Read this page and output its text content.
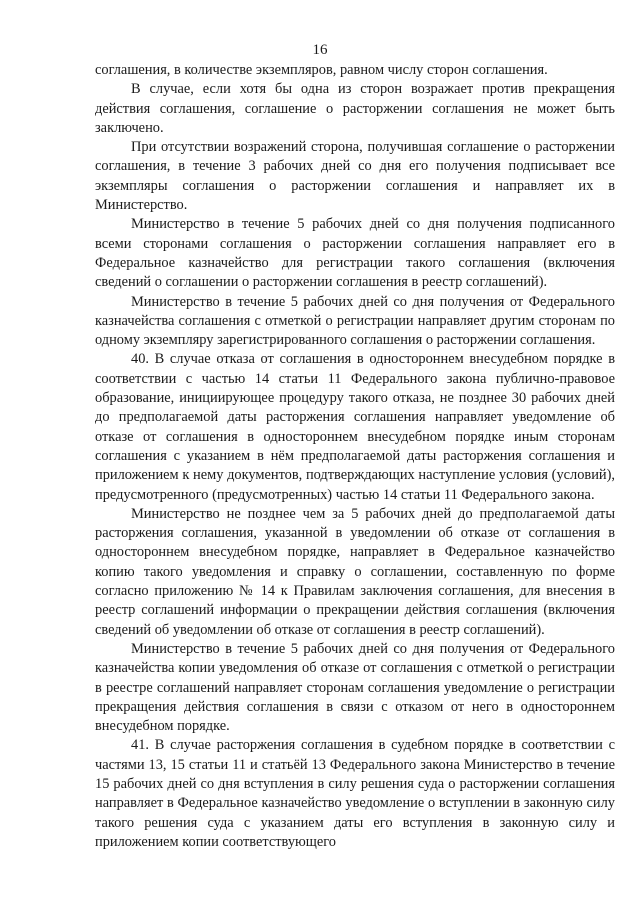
16

соглашения, в количестве экземпляров, равном числу сторон соглашения.

В случае, если хотя бы одна из сторон возражает против прекращения действия соглашения, соглашение о расторжении соглашения не может быть заключено.

При отсутствии возражений сторона, получившая соглашение о расторжении соглашения, в течение 3 рабочих дней со дня его получения подписывает все экземпляры соглашения о расторжении соглашения и направляет их в Министерство.

Министерство в течение 5 рабочих дней со дня получения подписанного всеми сторонами соглашения о расторжении соглашения направляет его в Федеральное казначейство для регистрации такого соглашения (включения сведений о соглашении о расторжении соглашения в реестр соглашений).

Министерство в течение 5 рабочих дней со дня получения от Федерального казначейства соглашения с отметкой о регистрации направляет другим сторонам по одному экземпляру зарегистрированного соглашения о расторжении соглашения.

40. В случае отказа от соглашения в одностороннем внесудебном порядке в соответствии с частью 14 статьи 11 Федерального закона публично-правовое образование, инициирующее процедуру такого отказа, не позднее 30 рабочих дней до предполагаемой даты расторжения соглашения направляет уведомление об отказе от соглашения в одностороннем внесудебном порядке иным сторонам соглашения с указанием в нём предполагаемой даты расторжения соглашения и приложением к нему документов, подтверждающих наступление условия (условий), предусмотренного (предусмотренных) частью 14 статьи 11 Федерального закона.

Министерство не позднее чем за 5 рабочих дней до предполагаемой даты расторжения соглашения, указанной в уведомлении об отказе от соглашения в одностороннем внесудебном порядке, направляет в Федеральное казначейство копию такого уведомления и справку о соглашении, составленную по форме согласно приложению № 14 к Правилам заключения соглашения, для внесения в реестр соглашений информации о прекращении действия соглашения (включения сведений об уведомлении об отказе от соглашения в реестр соглашений).

Министерство в течение 5 рабочих дней со дня получения от Федерального казначейства копии уведомления об отказе от соглашения с отметкой о регистрации в реестре соглашений направляет сторонам соглашения уведомление о регистрации прекращения действия соглашения в связи с отказом от него в одностороннем внесудебном порядке.

41. В случае расторжения соглашения в судебном порядке в соответствии с частями 13, 15 статьи 11 и статьёй 13 Федерального закона Министерство в течение 15 рабочих дней со дня вступления в силу решения суда о расторжении соглашения направляет в Федеральное казначейство уведомление о вступлении в законную силу такого решения суда с указанием даты его вступления в законную силу и приложением копии соответствующего
